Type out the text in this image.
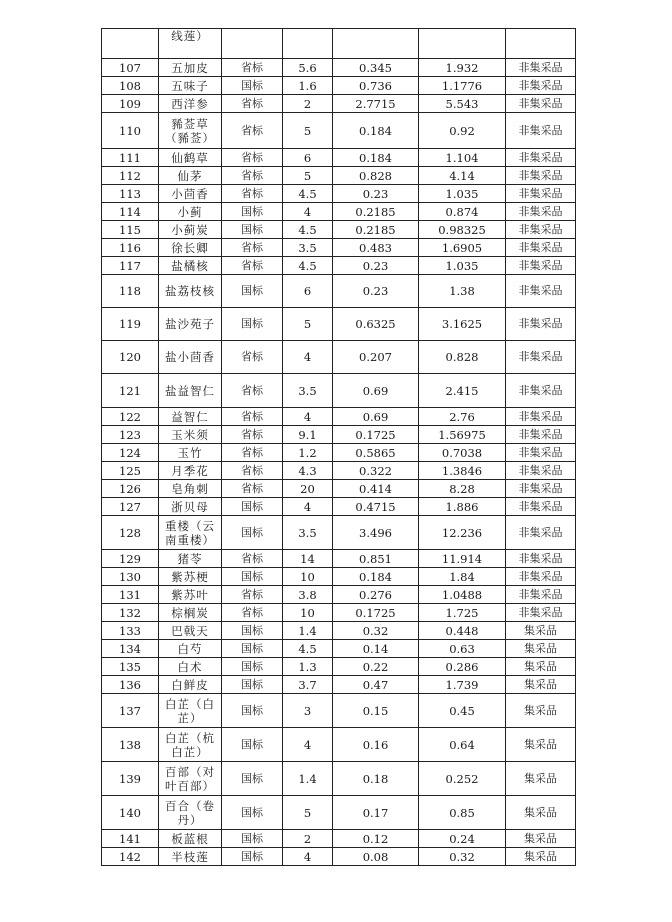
	线莲）					
107	五加皮	省标	5.6	0.345	1.932	非集采品
108	五味子	国标	1.6	0.736	1.1776	非集采品
109	西洋参	省标	2	2.7715	5.543	非集采品
110	豨莶草（豨莶）	省标	5	0.184	0.92	非集采品
111	仙鹤草	省标	6	0.184	1.104	非集采品
112	仙茅	省标	5	0.828	4.14	非集采品
113	小茴香	省标	4.5	0.23	1.035	非集采品
114	小蓟	国标	4	0.2185	0.874	非集采品
115	小蓟炭	国标	4.5	0.2185	0.98325	非集采品
116	徐长卿	省标	3.5	0.483	1.6905	非集采品
117	盐橘核	省标	4.5	0.23	1.035	非集采品
118	盐荔枝核	国标	6	0.23	1.38	非集采品
119	盐沙苑子	国标	5	0.6325	3.1625	非集采品
120	盐小茴香	省标	4	0.207	0.828	非集采品
121	盐益智仁	省标	3.5	0.69	2.415	非集采品
122	益智仁	省标	4	0.69	2.76	非集采品
123	玉米须	省标	9.1	0.1725	1.56975	非集采品
124	玉竹	省标	1.2	0.5865	0.7038	非集采品
125	月季花	省标	4.3	0.322	1.3846	非集采品
126	皂角刺	省标	20	0.414	8.28	非集采品
127	浙贝母	国标	4	0.4715	1.886	非集采品
128	重楼（云南重楼）	国标	3.5	3.496	12.236	非集采品
129	猪苓	省标	14	0.851	11.914	非集采品
130	紫苏梗	国标	10	0.184	1.84	非集采品
131	紫苏叶	省标	3.8	0.276	1.0488	非集采品
132	棕榈炭	省标	10	0.1725	1.725	非集采品
133	巴戟天	国标	1.4	0.32	0.448	集采品
134	白芍	国标	4.5	0.14	0.63	集采品
135	白术	国标	1.3	0.22	0.286	集采品
136	白鲜皮	国标	3.7	0.47	1.739	集采品
137	白芷（白芷）	国标	3	0.15	0.45	集采品
138	白芷（杭白芷）	国标	4	0.16	0.64	集采品
139	百部（对叶百部）	国标	1.4	0.18	0.252	集采品
140	百合（卷丹）	国标	5	0.17	0.85	集采品
141	板蓝根	国标	2	0.12	0.24	集采品
142	半枝莲	国标	4	0.08	0.32	集采品
